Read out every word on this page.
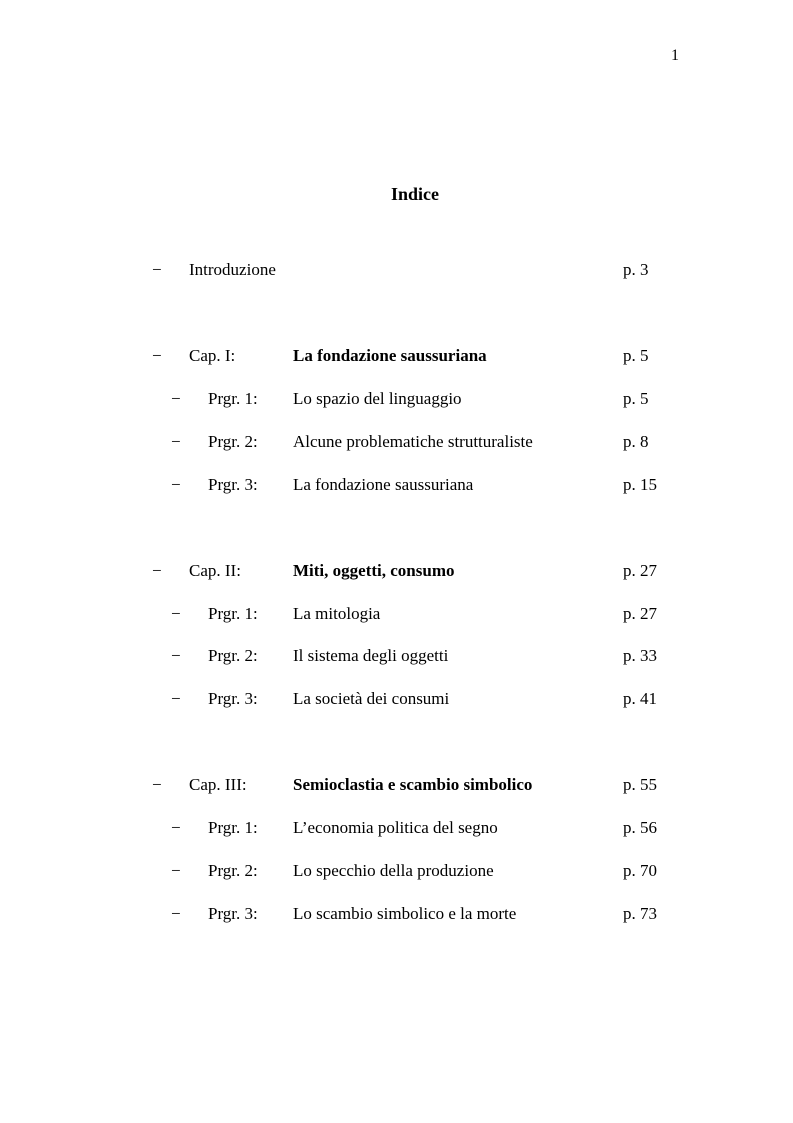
1
Indice
− Introduzione	p. 3
− Cap. I:	La fondazione saussuriana	p. 5
− Prgr. 1: Lo spazio del linguaggio	p. 5
− Prgr. 2: Alcune problematiche strutturaliste	p. 8
− Prgr. 3: La fondazione saussuriana	p. 15
− Cap. II:	Miti, oggetti, consumo	p. 27
− Prgr. 1: La mitologia	p. 27
− Prgr. 2: Il sistema degli oggetti	p. 33
− Prgr. 3: La società dei consumi	p. 41
− Cap. III:	Semioclastia e scambio simbolico	p. 55
− Prgr. 1: L’economia politica del segno	p. 56
− Prgr. 2: Lo specchio della produzione	p. 70
− Prgr. 3: Lo scambio simbolico e la morte	p. 73
